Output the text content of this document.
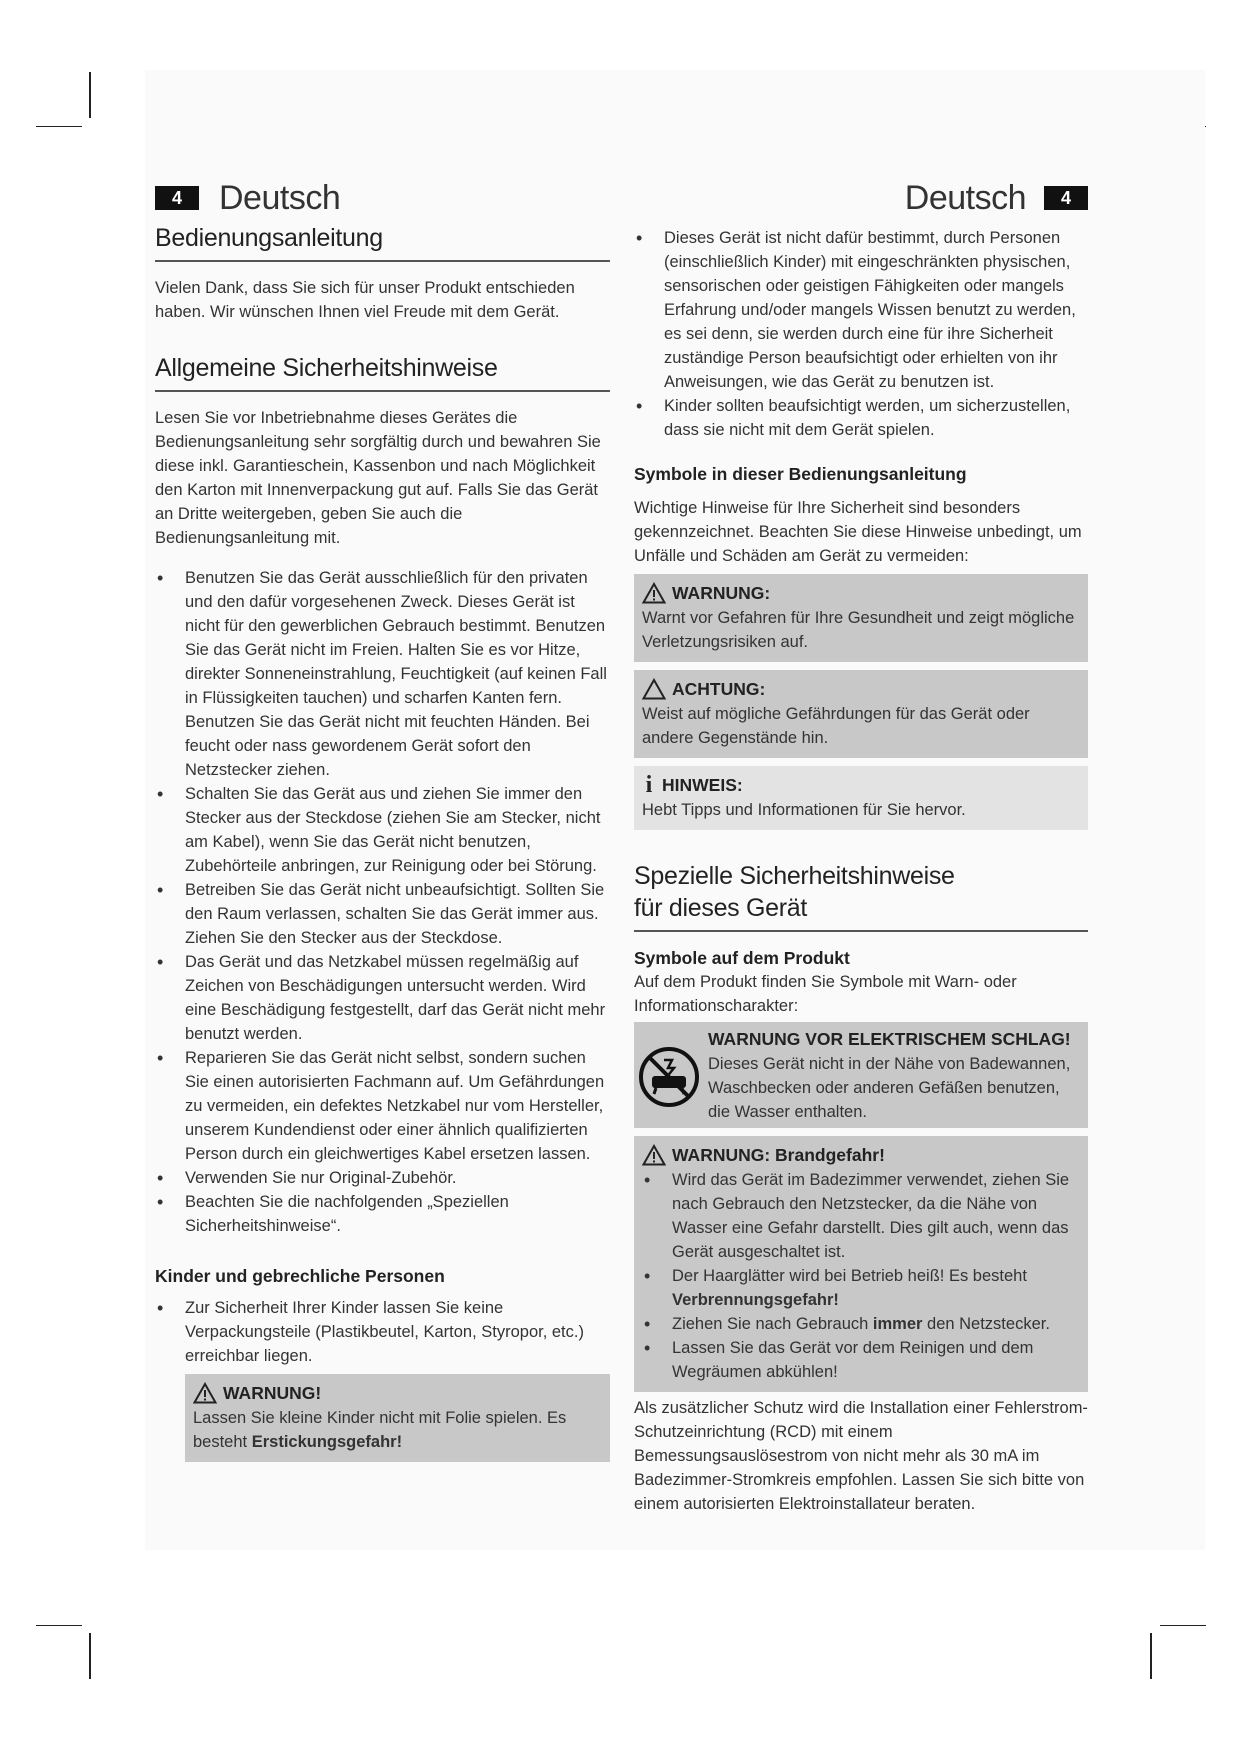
4	Deutsch	Deutsch	4
Bedienungsanleitung

Vielen Dank, dass Sie sich für unser Produkt entschieden haben. Wir wünschen Ihnen viel Freude mit dem Gerät.

Allgemeine Sicherheitshinweise

Lesen Sie vor Inbetriebnahme dieses Gerätes die Bedienungsanleitung sehr sorgfältig durch und bewahren Sie diese inkl. Garantieschein, Kassenbon und nach Möglichkeit den Karton mit Innenverpackung gut auf. Falls Sie das Gerät an Dritte weitergeben, geben Sie auch die Bedienungsanleitung mit.

• Benutzen Sie das Gerät ausschließlich für den privaten und den dafür vorgesehenen Zweck. Dieses Gerät ist nicht für den gewerblichen Gebrauch bestimmt. Benutzen Sie das Gerät nicht im Freien. Halten Sie es vor Hitze, direkter Sonneneinstrahlung, Feuchtigkeit (auf keinen Fall in Flüssigkeiten tauchen) und scharfen Kanten fern. Benutzen Sie das Gerät nicht mit feuchten Händen. Bei feucht oder nass gewordenem Gerät sofort den Netzstecker ziehen.
• Schalten Sie das Gerät aus und ziehen Sie immer den Stecker aus der Steckdose (ziehen Sie am Stecker, nicht am Kabel), wenn Sie das Gerät nicht benutzen, Zubehörteile anbringen, zur Reinigung oder bei Störung.
• Betreiben Sie das Gerät nicht unbeaufsichtigt. Sollten Sie den Raum verlassen, schalten Sie das Gerät immer aus. Ziehen Sie den Stecker aus der Steckdose.
• Das Gerät und das Netzkabel müssen regelmäßig auf Zeichen von Beschädigungen untersucht werden. Wird eine Beschädigung festgestellt, darf das Gerät nicht mehr benutzt werden.
• Reparieren Sie das Gerät nicht selbst, sondern suchen Sie einen autorisierten Fachmann auf. Um Gefährdungen zu vermeiden, ein defektes Netzkabel nur vom Hersteller, unserem Kundendienst oder einer ähnlich qualifizierten Person durch ein gleichwertiges Kabel ersetzen lassen.
• Verwenden Sie nur Original-Zubehör.
• Beachten Sie die nachfolgenden „Speziellen Sicherheitshinweise“.
Kinder und gebrechliche Personen
• Zur Sicherheit Ihrer Kinder lassen Sie keine Verpackungsteile (Plastikbeutel, Karton, Styropor, etc.) erreichbar liegen.
WARNUNG!

Lassen Sie kleine Kinder nicht mit Folie spielen. Es besteht Erstickungsgefahr!

• Dieses Gerät ist nicht dafür bestimmt, durch Personen (einschließlich Kinder) mit eingeschränkten physischen, sensorischen oder geistigen Fähigkeiten oder mangels Erfahrung und/oder mangels Wissen benutzt zu werden, es sei denn, sie werden durch eine für ihre Sicherheit zuständige Person beaufsichtigt oder erhielten von ihr Anweisungen, wie das Gerät zu benutzen ist.
• Kinder sollten beaufsichtigt werden, um sicherzustellen, dass sie nicht mit dem Gerät spielen.
Symbole in dieser Bedienungsanleitung

Wichtige Hinweise für Ihre Sicherheit sind besonders gekennzeichnet. Beachten Sie diese Hinweise unbedingt, um Unfälle und Schäden am Gerät zu vermeiden:

WARNUNG:

Warnt vor Gefahren für Ihre Gesundheit und zeigt mögliche Verletzungsrisiken auf.

ACHTUNG:

Weist auf mögliche Gefährdungen für das Gerät oder andere Gegenstände hin.

i HINWEIS:

Hebt Tipps und Informationen für Sie hervor.

Spezielle Sicherheitshinweise
für dieses Gerät
Symbole auf dem Produkt

Auf dem Produkt finden Sie Symbole mit Warn- oder Informationscharakter:

WARNUNG VOR ELEKTRISCHEM SCHLAG!

Dieses Gerät nicht in der Nähe von Badewannen, Waschbecken oder anderen Gefäßen benutzen, die Wasser enthalten.

WARNUNG: Brandgefahr!
• Wird das Gerät im Badezimmer verwendet, ziehen Sie nach Gebrauch den Netzstecker, da die Nähe von Wasser eine Gefahr darstellt. Dies gilt auch, wenn das Gerät ausgeschaltet ist.
• Der Haarglätter wird bei Betrieb heiß! Es besteht Verbrennungsgefahr!
• Ziehen Sie nach Gebrauch immer den Netzstecker.
• Lassen Sie das Gerät vor dem Reinigen und dem Wegräumen abkühlen!

Als zusätzlicher Schutz wird die Installation einer Fehlerstrom-Schutzeinrichtung (RCD) mit einem Bemessungsauslösestrom von nicht mehr als 30 mA im Badezimmer-Stromkreis empfohlen. Lassen Sie sich bitte von einem autorisierten Elektroinstallateur beraten.
